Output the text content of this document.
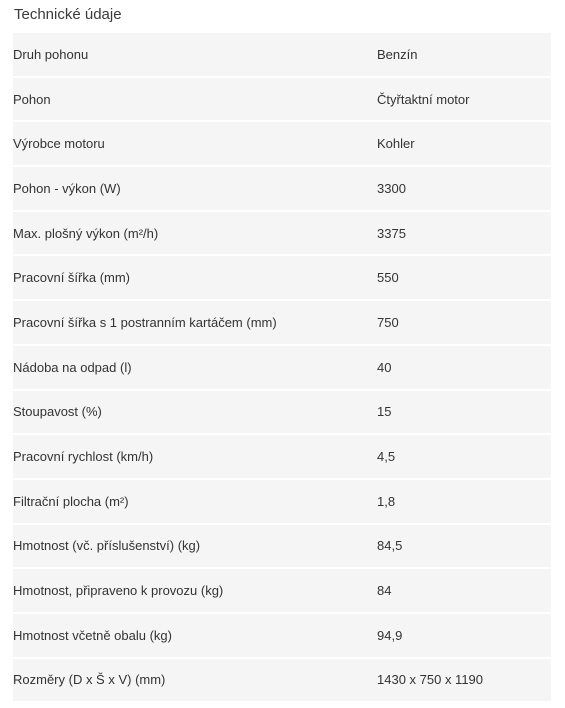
Technické údaje
Druh pohonu	Benzín
Pohon	Čtyřtaktní motor
Výrobce motoru	Kohler
Pohon - výkon (W)	3300
Max. plošný výkon (m²/h)	3375
Pracovní šířka (mm)	550
Pracovní šířka s 1 postranním kartáčem (mm)	750
Nádoba na odpad (l)	40
Stoupavost (%)	15
Pracovní rychlost (km/h)	4,5
Filtrační plocha (m²)	1,8
Hmotnost (vč. příslušenství) (kg)	84,5
Hmotnost, připraveno k provozu (kg)	84
Hmotnost včetně obalu (kg)	94,9
Rozměry (D x Š x V) (mm)	1430 x 750 x 1190
